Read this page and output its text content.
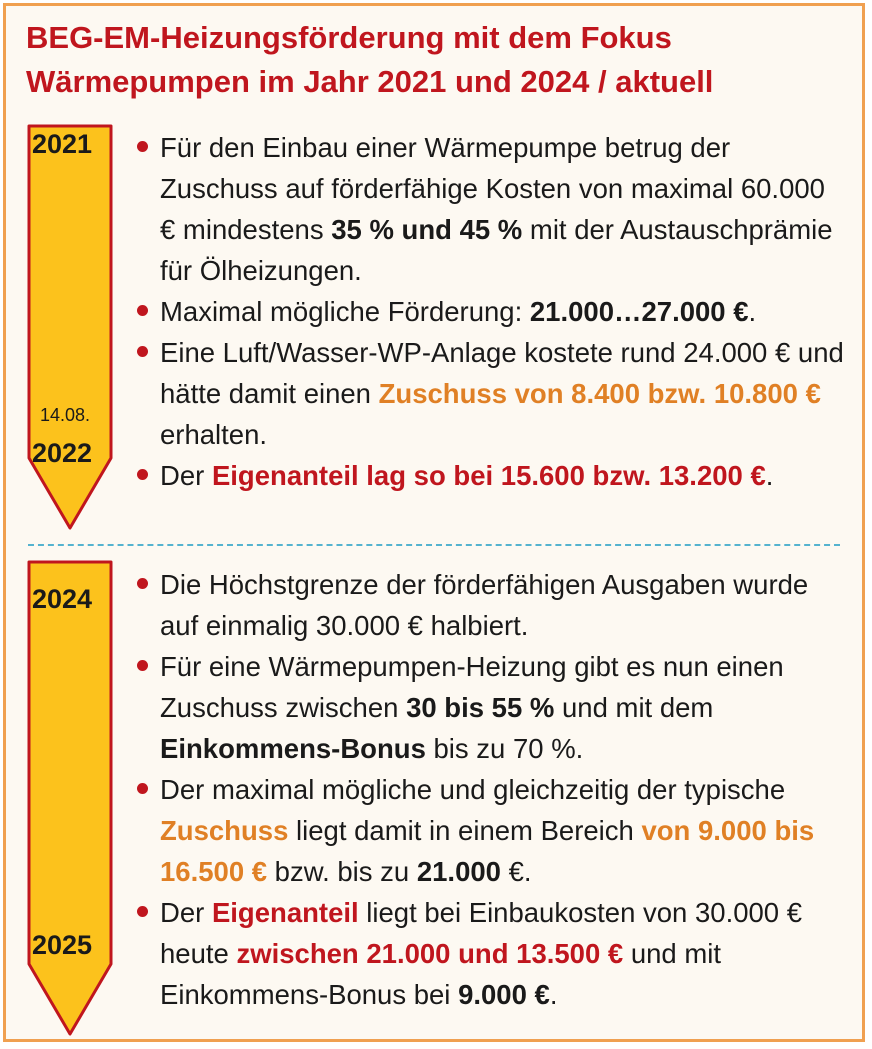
BEG-EM-Heizungsförderung mit dem Fokus
Wärmepumpen im Jahr 2021 und 2024 / aktuell
2021
14.08.
2022
Für den Einbau einer Wärmepumpe betrug der Zuschuss auf förderfähige Kosten von maximal 60.000 € mindestens 35 % und 45 % mit der Austauschprämie für Ölheizungen.
Maximal mögliche Förderung: 21.000…27.000 €.
Eine Luft/Wasser-WP-Anlage kostete rund 24.000 € und hätte damit einen Zuschuss von 8.400 bzw. 10.800 € erhalten.
Der Eigenanteil lag so bei 15.600 bzw. 13.200 €.
2024
2025
Die Höchstgrenze der förderfähigen Ausgaben wurde auf einmalig 30.000 € halbiert.
Für eine Wärmepumpen-Heizung gibt es nun einen Zuschuss zwischen 30 bis 55 % und mit dem Einkommens-Bonus bis zu 70 %.
Der maximal mögliche und gleichzeitig der typische Zuschuss liegt damit in einem Bereich von 9.000 bis 16.500 € bzw. bis zu 21.000 €.
Der Eigenanteil liegt bei Einbaukosten von 30.000 € heute zwischen 21.000 und 13.500 € und mit Einkommens-Bonus bei 9.000 €.
